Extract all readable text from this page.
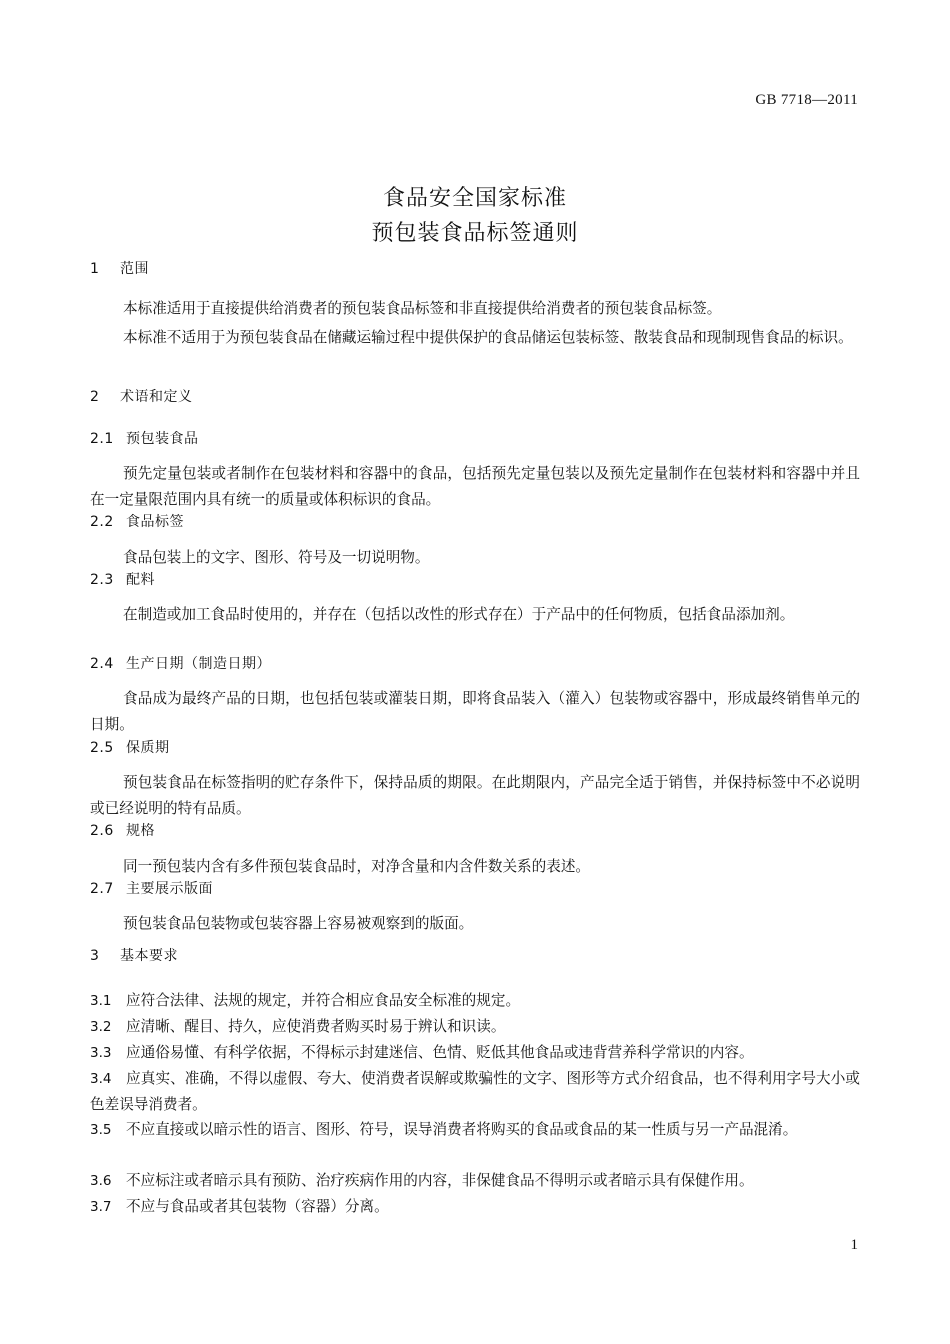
GB 7718—2011
食品安全国家标准
预包装食品标签通则
1 范围
本标准适用于直接提供给消费者的预包装食品标签和非直接提供给消费者的预包装食品标签。
本标准不适用于为预包装食品在储藏运输过程中提供保护的食品储运包装标签、散装食品和现制现售食品的标识。
2 术语和定义
2.1 预包装食品
预先定量包装或者制作在包装材料和容器中的食品，包括预先定量包装以及预先定量制作在包装材料和容器中并且在一定量限范围内具有统一的质量或体积标识的食品。
2.2 食品标签
食品包装上的文字、图形、符号及一切说明物。
2.3 配料
在制造或加工食品时使用的，并存在（包括以改性的形式存在）于产品中的任何物质，包括食品添加剂。
2.4 生产日期（制造日期）
食品成为最终产品的日期，也包括包装或灌装日期，即将食品装入（灌入）包装物或容器中，形成最终销售单元的日期。
2.5 保质期
预包装食品在标签指明的贮存条件下，保持品质的期限。在此期限内，产品完全适于销售，并保持标签中不必说明或已经说明的特有品质。
2.6 规格
同一预包装内含有多件预包装食品时，对净含量和内含件数关系的表述。
2.7 主要展示版面
预包装食品包装物或包装容器上容易被观察到的版面。
3 基本要求
3.1 应符合法律、法规的规定，并符合相应食品安全标准的规定。
3.2 应清晰、醒目、持久，应使消费者购买时易于辨认和识读。
3.3 应通俗易懂、有科学依据，不得标示封建迷信、色情、贬低其他食品或违背营养科学常识的内容。
3.4 应真实、准确，不得以虚假、夸大、使消费者误解或欺骗性的文字、图形等方式介绍食品，也不得利用字号大小或色差误导消费者。
3.5 不应直接或以暗示性的语言、图形、符号，误导消费者将购买的食品或食品的某一性质与另一产品混淆。
3.6 不应标注或者暗示具有预防、治疗疾病作用的内容，非保健食品不得明示或者暗示具有保健作用。
3.7 不应与食品或者其包装物（容器）分离。
1
